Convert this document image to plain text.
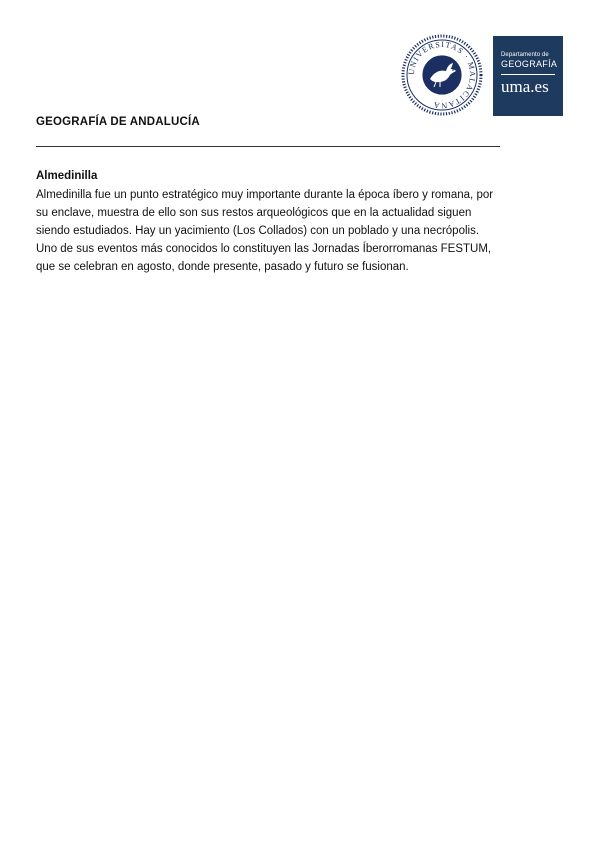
UNIVERSITAS · MALACITANA
Departamento de
GEOGRAFÍA
uma.es
GEOGRAFÍA DE ANDALUCÍA
Almedinilla
Almedinilla fue un punto estratégico muy importante durante la época íbero y romana, por
su enclave, muestra de ello son sus restos arqueológicos que en la actualidad siguen
siendo estudiados. Hay un yacimiento (Los Collados) con un poblado y una necrópolis.
Uno de sus eventos más conocidos lo constituyen las Jornadas Íberorromanas FESTUM,
que se celebran en agosto, donde presente, pasado y futuro se fusionan.
